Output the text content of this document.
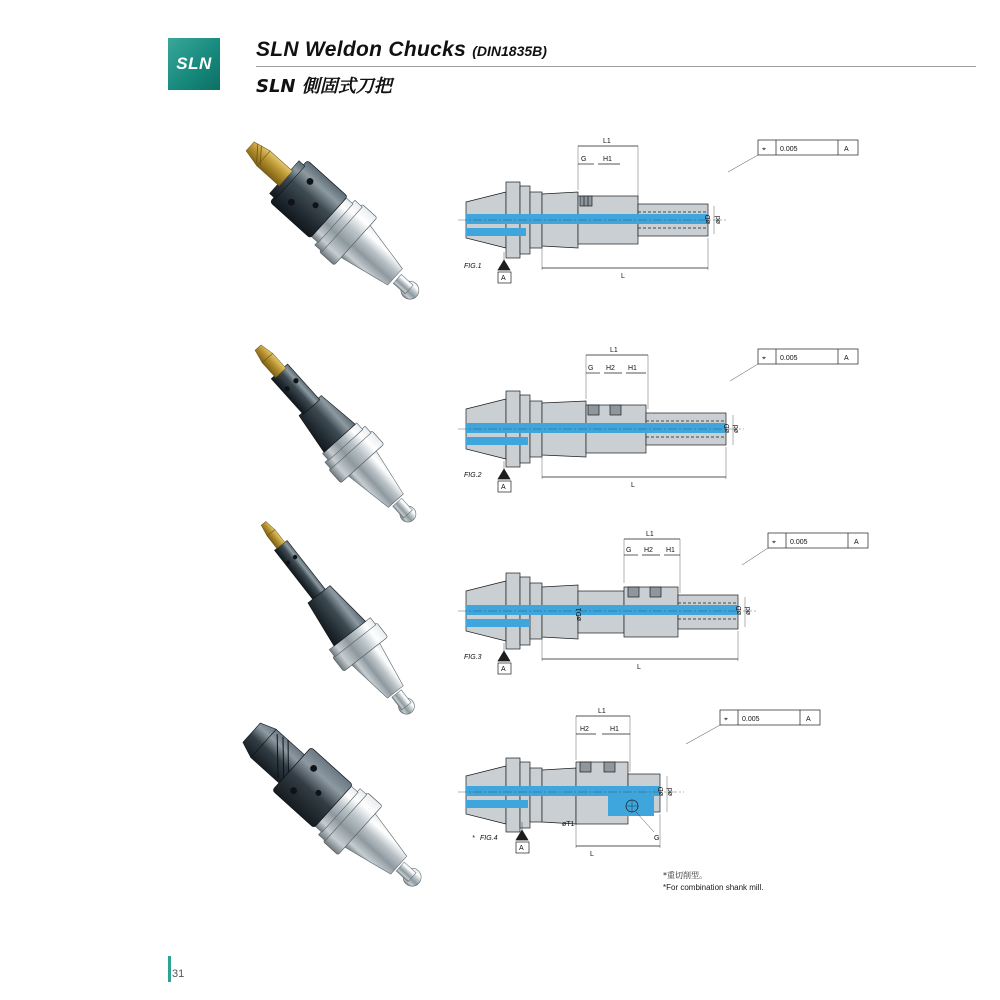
SLN
SLN Weldon Chucks (DIN1835B)
SLN 側固式刀把
L1
G H1
ød
øD
L
FIG.1
A
⌖ 0.005	A
L1
G H2 H1
ød
øD
L
FIG.2
A
⌖ 0.005	A
L1
G H2 H1
øD1	ød
øD
L
FIG.3
A
⌖ 0.005	A
L1
H2	H1
ød
øD
øT1
L
G
* FIG.4
A
⌖ 0.005	A
*重切削型。
*For combination shank mill.
31
